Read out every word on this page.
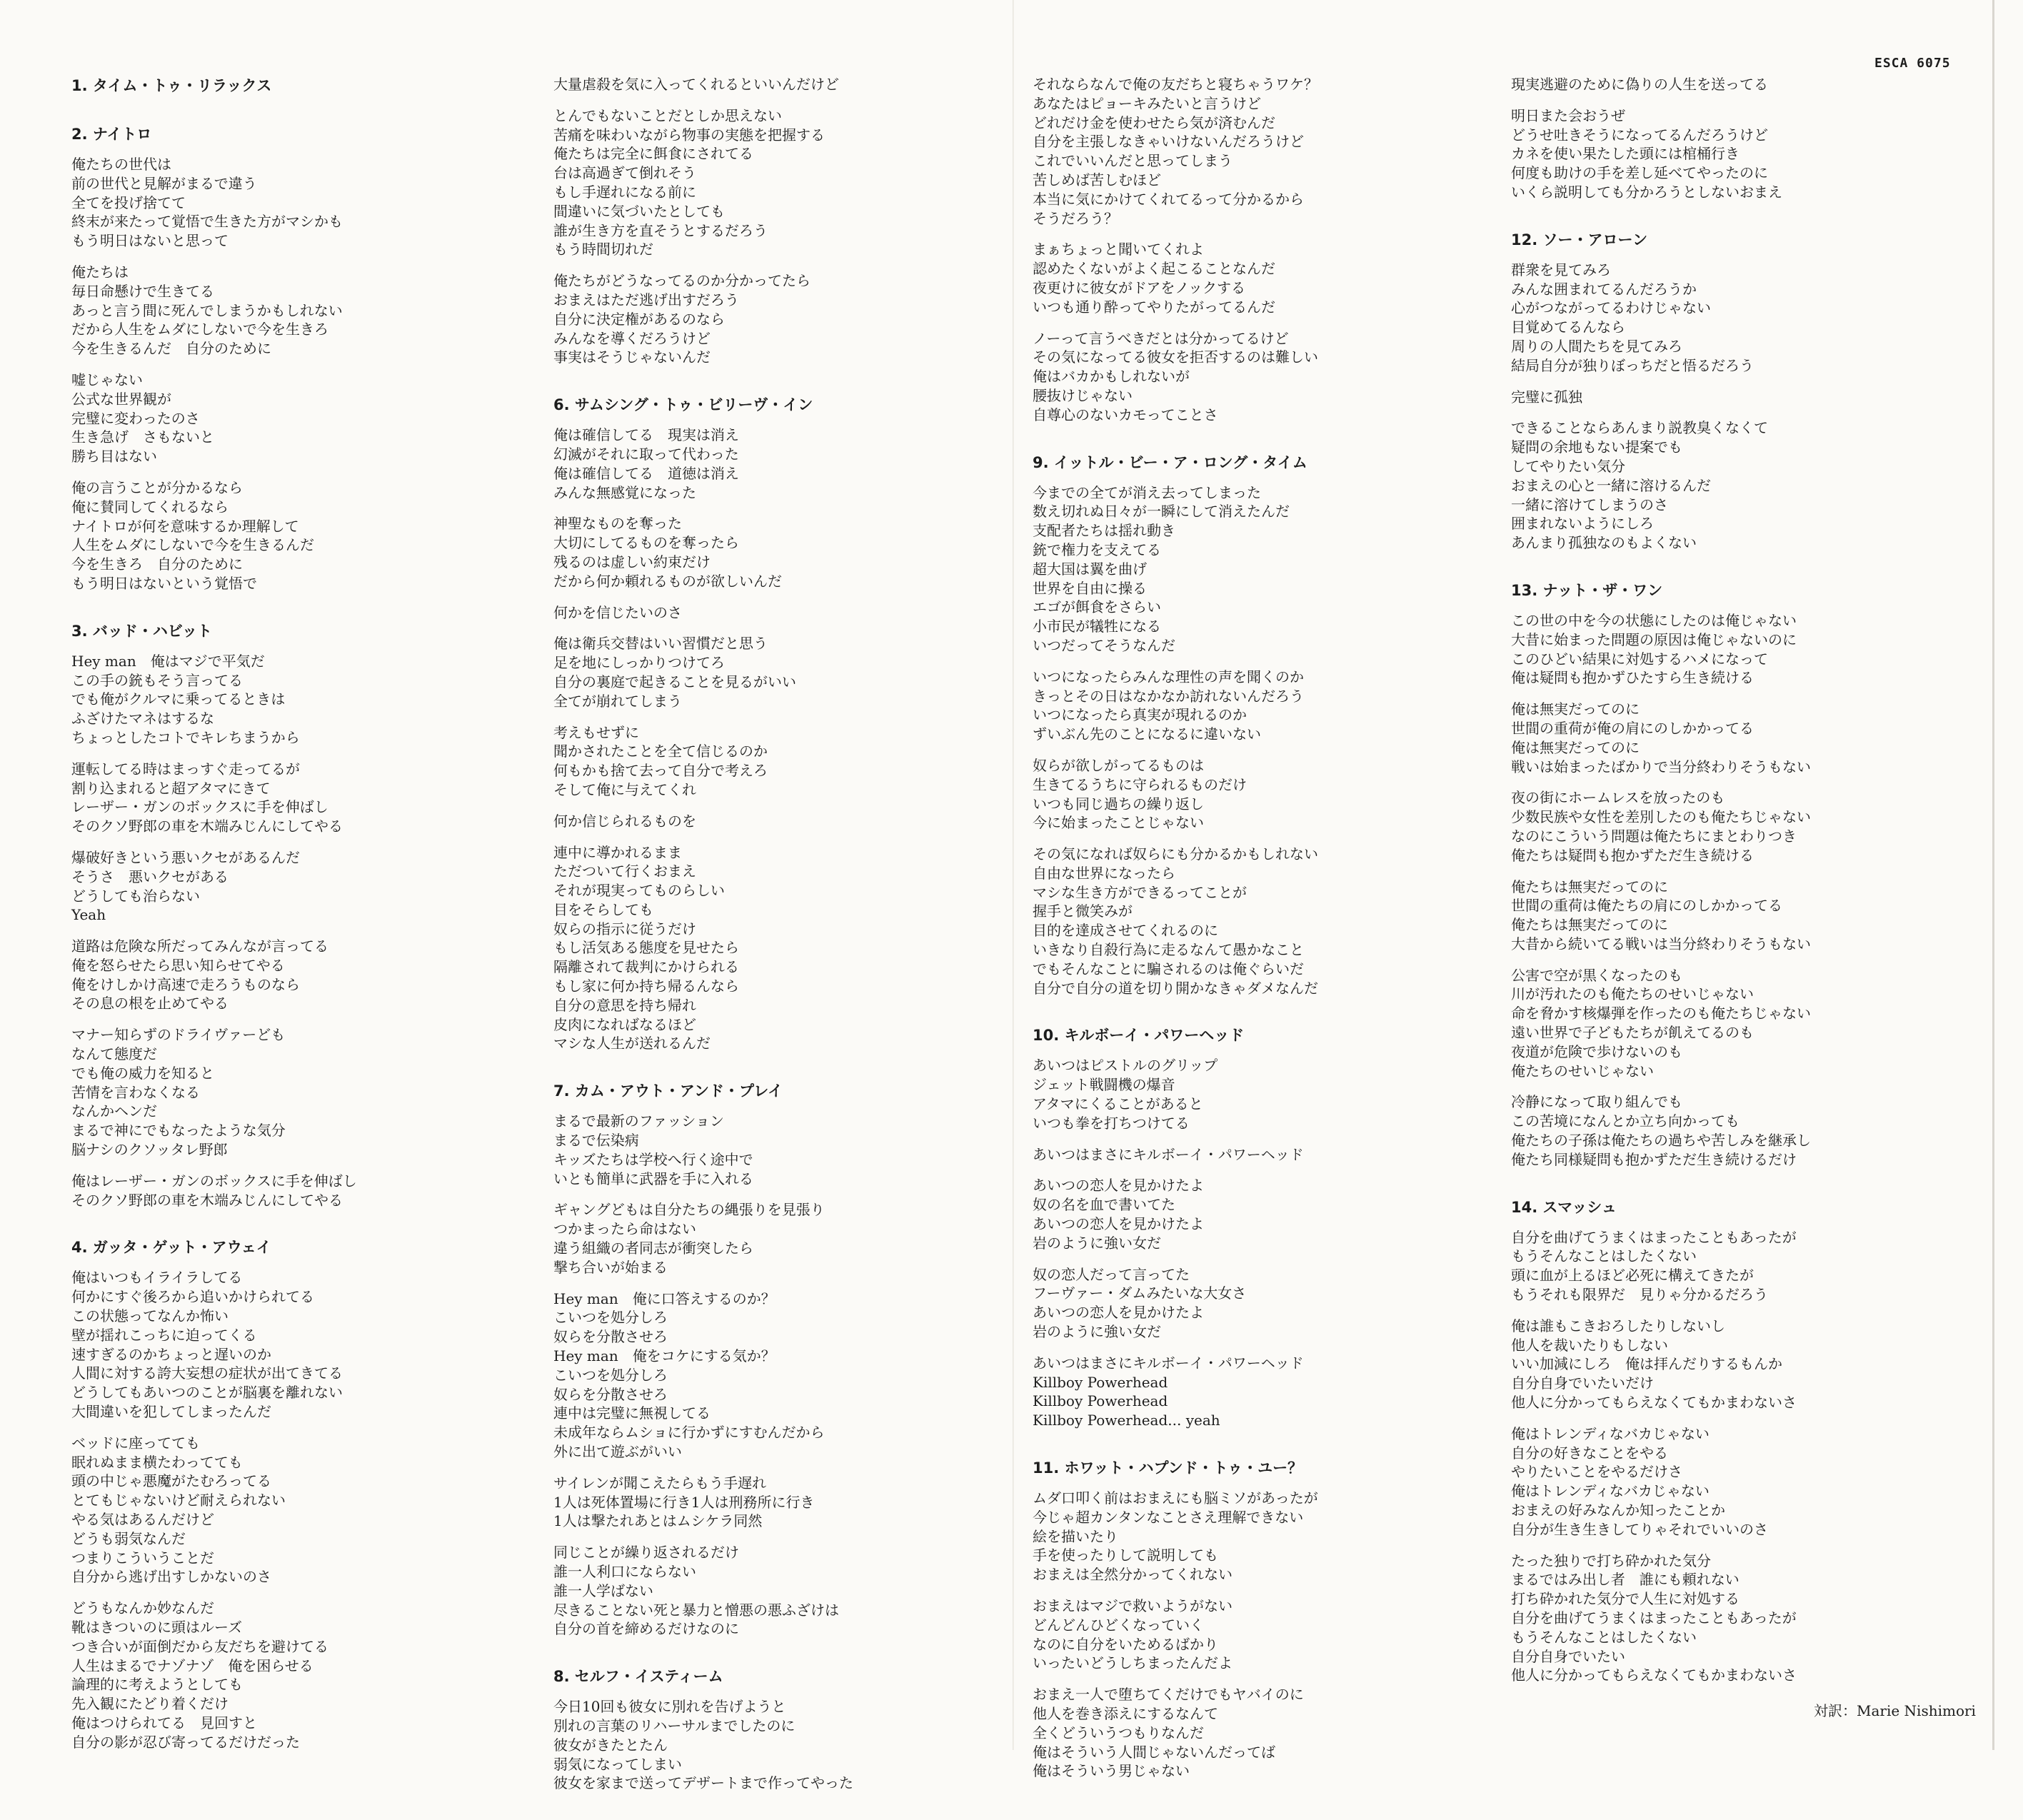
ESCA 6075
1. タイム・トゥ・リラックス
2. ナイトロ
俺たちの世代は
前の世代と見解がまるで違う
全てを投げ捨てて
終末が来たって覚悟で生きた方がマシかも
もう明日はないと思って
俺たちは
毎日命懸けで生きてる
あっと言う間に死んでしまうかもしれない
だから人生をムダにしないで今を生きろ
今を生きるんだ　自分のために
嘘じゃない
公式な世界観が
完璧に変わったのさ
生き急げ　さもないと
勝ち目はない
俺の言うことが分かるなら
俺に賛同してくれるなら
ナイトロが何を意味するか理解して
人生をムダにしないで今を生きるんだ
今を生きろ　自分のために
もう明日はないという覚悟で
3. バッド・ハビット
Hey man　俺はマジで平気だ
この手の銃もそう言ってる
でも俺がクルマに乗ってるときは
ふざけたマネはするな
ちょっとしたコトでキレちまうから
運転してる時はまっすぐ走ってるが
割り込まれると超アタマにきて
レーザー・ガンのボックスに手を伸ばし
そのクソ野郎の車を木端みじんにしてやる
爆破好きという悪いクセがあるんだ
そうさ　悪いクセがある
どうしても治らない
Yeah
道路は危険な所だってみんなが言ってる
俺を怒らせたら思い知らせてやる
俺をけしかけ高速で走ろうものなら
その息の根を止めてやる
マナー知らずのドライヴァーども
なんて態度だ
でも俺の威力を知ると
苦情を言わなくなる
なんかヘンだ
まるで神にでもなったような気分
脳ナシのクソッタレ野郎
俺はレーザー・ガンのボックスに手を伸ばし
そのクソ野郎の車を木端みじんにしてやる
4. ガッタ・ゲット・アウェイ
俺はいつもイライラしてる
何かにすぐ後ろから追いかけられてる
この状態ってなんか怖い
壁が揺れこっちに迫ってくる
速すぎるのかちょっと遅いのか
人間に対する誇大妄想の症状が出てきてる
どうしてもあいつのことが脳裏を離れない
大間違いを犯してしまったんだ
ベッドに座ってても
眠れぬまま横たわってても
頭の中じゃ悪魔がたむろってる
とてもじゃないけど耐えられない
やる気はあるんだけど
どうも弱気なんだ
つまりこういうことだ
自分から逃げ出すしかないのさ
どうもなんか妙なんだ
靴はきついのに頭はルーズ
つき合いが面倒だから友だちを避けてる
人生はまるでナゾナゾ　俺を困らせる
論理的に考えようとしても
先入観にたどり着くだけ
俺はつけられてる　見回すと
自分の影が忍び寄ってるだけだった
大量虐殺を気に入ってくれるといいんだけど
とんでもないことだとしか思えない
苦痛を味わいながら物事の実態を把握する
俺たちは完全に餌食にされてる
台は高過ぎて倒れそう
もし手遅れになる前に
間違いに気づいたとしても
誰が生き方を直そうとするだろう
もう時間切れだ
俺たちがどうなってるのか分かってたら
おまえはただ逃げ出すだろう
自分に決定権があるのなら
みんなを導くだろうけど
事実はそうじゃないんだ
6. サムシング・トゥ・ビリーヴ・イン
俺は確信してる　現実は消え
幻滅がそれに取って代わった
俺は確信してる　道徳は消え
みんな無感覚になった
神聖なものを奪った
大切にしてるものを奪ったら
残るのは虚しい約束だけ
だから何か頼れるものが欲しいんだ
何かを信じたいのさ
俺は衛兵交替はいい習慣だと思う
足を地にしっかりつけてろ
自分の裏庭で起きることを見るがいい
全てが崩れてしまう
考えもせずに
聞かされたことを全て信じるのか
何もかも捨て去って自分で考えろ
そして俺に与えてくれ
何か信じられるものを
連中に導かれるまま
ただついて行くおまえ
それが現実ってものらしい
目をそらしても
奴らの指示に従うだけ
もし活気ある態度を見せたら
隔離されて裁判にかけられる
もし家に何か持ち帰るんなら
自分の意思を持ち帰れ
皮肉になればなるほど
マシな人生が送れるんだ
7. カム・アウト・アンド・プレイ
まるで最新のファッション
まるで伝染病
キッズたちは学校へ行く途中で
いとも簡単に武器を手に入れる
ギャングどもは自分たちの縄張りを見張り
つかまったら命はない
違う組織の者同志が衝突したら
撃ち合いが始まる
Hey man　俺に口答えするのか？
こいつを処分しろ
奴らを分散させろ
Hey man　俺をコケにする気か？
こいつを処分しろ
奴らを分散させろ
連中は完璧に無視してる
未成年ならムショに行かずにすむんだから
外に出て遊ぶがいい
サイレンが聞こえたらもう手遅れ
1人は死体置場に行き1人は刑務所に行き
1人は撃たれあとはムシケラ同然
同じことが繰り返されるだけ
誰一人利口にならない
誰一人学ばない
尽きることない死と暴力と憎悪の悪ふざけは
自分の首を締めるだけなのに
8. セルフ・イスティーム
今日10回も彼女に別れを告げようと
別れの言葉のリハーサルまでしたのに
彼女がきたとたん
弱気になってしまい
彼女を家まで送ってデザートまで作ってやった
それならなんで俺の友だちと寝ちゃうワケ？
あなたはピョーキみたいと言うけど
どれだけ金を使わせたら気が済むんだ
自分を主張しなきゃいけないんだろうけど
これでいいんだと思ってしまう
苦しめば苦しむほど
本当に気にかけてくれてるって分かるから
そうだろう？
まぁちょっと聞いてくれよ
認めたくないがよく起こることなんだ
夜更けに彼女がドアをノックする
いつも通り酔ってやりたがってるんだ
ノーって言うべきだとは分かってるけど
その気になってる彼女を拒否するのは難しい
俺はバカかもしれないが
腰抜けじゃない
自尊心のないカモってことさ
9. イットル・ビー・ア・ロング・タイム
今までの全てが消え去ってしまった
数え切れぬ日々が一瞬にして消えたんだ
支配者たちは揺れ動き
銃で権力を支えてる
超大国は翼を曲げ
世界を自由に操る
エゴが餌食をさらい
小市民が犠牲になる
いつだってそうなんだ
いつになったらみんな理性の声を聞くのか
きっとその日はなかなか訪れないんだろう
いつになったら真実が現れるのか
ずいぶん先のことになるに違いない
奴らが欲しがってるものは
生きてるうちに守られるものだけ
いつも同じ過ちの繰り返し
今に始まったことじゃない
その気になれば奴らにも分かるかもしれない
自由な世界になったら
マシな生き方ができるってことが
握手と微笑みが
目的を達成させてくれるのに
いきなり自殺行為に走るなんて愚かなこと
でもそんなことに騙されるのは俺ぐらいだ
自分で自分の道を切り開かなきゃダメなんだ
10. キルボーイ・パワーヘッド
あいつはピストルのグリップ
ジェット戦闘機の爆音
アタマにくることがあると
いつも拳を打ちつけてる
あいつはまさにキルボーイ・パワーヘッド
あいつの恋人を見かけたよ
奴の名を血で書いてた
あいつの恋人を見かけたよ
岩のように強い女だ
奴の恋人だって言ってた
フーヴァー・ダムみたいな大女さ
あいつの恋人を見かけたよ
岩のように強い女だ
あいつはまさにキルボーイ・パワーヘッド
Killboy Powerhead
Killboy Powerhead
Killboy Powerhead... yeah
11. ホワット・ハプンド・トゥ・ユー？
ムダ口叩く前はおまえにも脳ミソがあったが
今じゃ超カンタンなことさえ理解できない
絵を描いたり
手を使ったりして説明しても
おまえは全然分かってくれない
おまえはマジで救いようがない
どんどんひどくなっていく
なのに自分をいためるばかり
いったいどうしちまったんだよ
おまえ一人で堕ちてくだけでもヤバイのに
他人を巻き添えにするなんて
全くどういうつもりなんだ
俺はそういう人間じゃないんだってば
俺はそういう男じゃない
現実逃避のために偽りの人生を送ってる
明日また会おうぜ
どうせ吐きそうになってるんだろうけど
カネを使い果たした頭には棺桶行き
何度も助けの手を差し延べてやったのに
いくら説明しても分かろうとしないおまえ
12. ソー・アローン
群衆を見てみろ
みんな囲まれてるんだろうか
心がつながってるわけじゃない
目覚めてるんなら
周りの人間たちを見てみろ
結局自分が独りぼっちだと悟るだろう
完璧に孤独
できることならあんまり説教臭くなくて
疑問の余地もない提案でも
してやりたい気分
おまえの心と一緒に溶けるんだ
一緒に溶けてしまうのさ
囲まれないようにしろ
あんまり孤独なのもよくない
13. ナット・ザ・ワン
この世の中を今の状態にしたのは俺じゃない
大昔に始まった問題の原因は俺じゃないのに
このひどい結果に対処するハメになって
俺は疑問も抱かずひたすら生き続ける
俺は無実だってのに
世間の重荷が俺の肩にのしかかってる
俺は無実だってのに
戦いは始まったばかりで当分終わりそうもない
夜の街にホームレスを放ったのも
少数民族や女性を差別したのも俺たちじゃない
なのにこういう問題は俺たちにまとわりつき
俺たちは疑問も抱かずただ生き続ける
俺たちは無実だってのに
世間の重荷は俺たちの肩にのしかかってる
俺たちは無実だってのに
大昔から続いてる戦いは当分終わりそうもない
公害で空が黒くなったのも
川が汚れたのも俺たちのせいじゃない
命を脅かす核爆弾を作ったのも俺たちじゃない
遠い世界で子どもたちが飢えてるのも
夜道が危険で歩けないのも
俺たちのせいじゃない
冷静になって取り組んでも
この苦境になんとか立ち向かっても
俺たちの子孫は俺たちの過ちや苦しみを継承し
俺たち同様疑問も抱かずただ生き続けるだけ
14. スマッシュ
自分を曲げてうまくはまったこともあったが
もうそんなことはしたくない
頭に血が上るほど必死に構えてきたが
もうそれも限界だ　見りゃ分かるだろう
俺は誰もこきおろしたりしないし
他人を裁いたりもしない
いい加減にしろ　俺は拝んだりするもんか
自分自身でいたいだけ
他人に分かってもらえなくてもかまわないさ
俺はトレンディなバカじゃない
自分の好きなことをやる
やりたいことをやるだけさ
俺はトレンディなバカじゃない
おまえの好みなんか知ったことか
自分が生き生きしてりゃそれでいいのさ
たった独りで打ち砕かれた気分
まるではみ出し者　誰にも頼れない
打ち砕かれた気分で人生に対処する
自分を曲げてうまくはまったこともあったが
もうそんなことはしたくない
自分自身でいたい
他人に分かってもらえなくてもかまわないさ
対訳：Marie Nishimori
